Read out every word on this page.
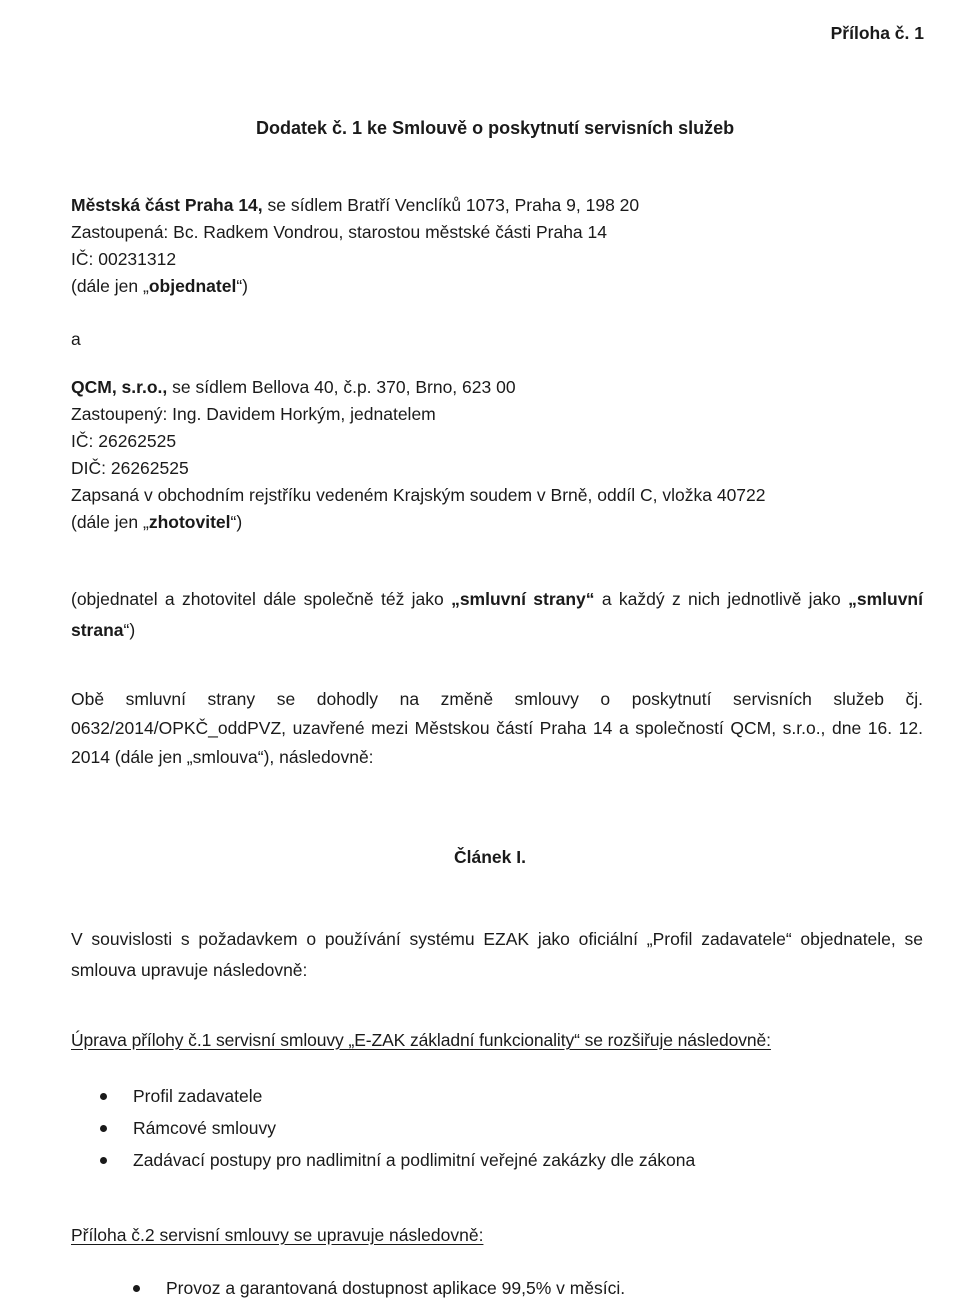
Příloha č. 1
Dodatek č. 1 ke Smlouvě o poskytnutí servisních služeb
Městská část Praha 14, se sídlem Bratří Venclíků 1073, Praha 9, 198 20
Zastoupená: Bc. Radkem Vondrou, starostou městské části Praha 14
IČ: 00231312
(dále jen „objednatel“)
a
QCM, s.r.o., se sídlem Bellova 40, č.p. 370, Brno, 623 00
Zastoupený: Ing. Davidem Horkým, jednatelem
IČ: 26262525
DIČ: 26262525
Zapsaná v obchodním rejstříku vedeném Krajským soudem v Brně, oddíl C, vložka 40722
(dále jen „zhotovitel“)
(objednatel a zhotovitel dále společně též jako „smluvní strany“ a každý z nich jednotlivě jako „smluvní strana“)
Obě smluvní strany se dohodly na změně smlouvy o poskytnutí servisních služeb čj. 0632/2014/OPKČ_oddPVZ, uzavřené mezi Městskou částí Praha 14 a společností QCM, s.r.o., dne 16. 12. 2014 (dále jen „smlouva“), následovně:
Článek I.
V souvislosti s požadavkem o používání systému EZAK jako oficiální „Profil zadavatele“ objednatele, se smlouva upravuje následovně:
Úprava přílohy č.1 servisní smlouvy „E-ZAK základní funkcionality“ se rozšiřuje následovně:
Profil zadavatele
Rámcové smlouvy
Zadávací postupy pro nadlimitní a podlimitní veřejné zakázky dle zákona
Příloha č.2 servisní smlouvy se upravuje následovně:
Provoz a garantovaná dostupnost aplikace 99,5% v měsíci.
